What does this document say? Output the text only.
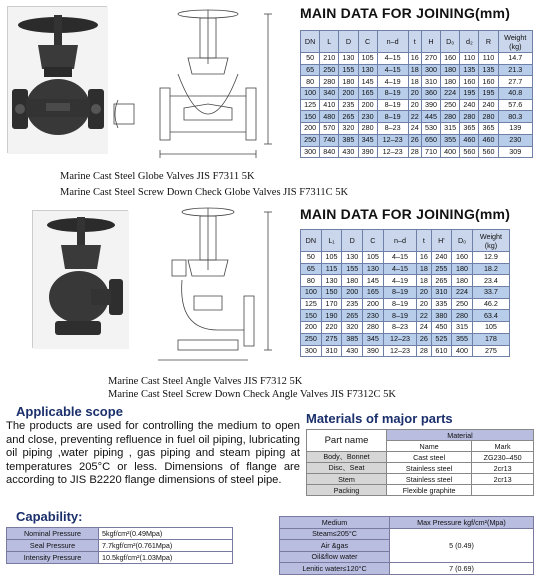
MAIN DATA FOR JOINING(mm)
DN	L	D	C	n–d	t	H	D₀	d₂	R	Weight
(kg)
50	210	130	105	4–15	16	270	160	110	110	14.7
65	250	155	130	4–15	18	300	180	135	135	21.3
80	280	180	145	4–19	18	310	180	160	160	27.7
100	340	200	165	8–19	20	360	224	195	195	40.8
125	410	235	200	8–19	20	390	250	240	240	57.6
150	480	265	230	8–19	22	445	280	280	280	80.3
200	570	320	280	8–23	24	530	315	365	365	139
250	740	385	345	12–23	26	650	355	460	460	230
300	840	430	390	12–23	28	710	400	560	560	309
Marine Cast Steel Globe Valves JIS F7311 5K
Marine Cast Steel Screw Down Check Globe Valves JIS F7311C 5K
MAIN DATA FOR JOINING(mm)
DN	L₁	D	C	n–d	t	H'	D₀	Weight
(kg)
50	105	130	105	4–15	16	240	160	12.9
65	115	155	130	4–15	18	255	180	18.2
80	130	180	145	4–19	18	265	180	23.4
100	150	200	165	8–19	20	310	224	33.7
125	170	235	200	8–19	20	335	250	46.2
150	190	265	230	8–19	22	380	280	63.4
200	220	320	280	8–23	24	450	315	105
250	275	385	345	12–23	26	525	355	178
300	310	430	390	12–23	28	610	400	275
Marine Cast Steel Angle Valves JIS F7312 5K
Marine Cast Steel Screw Down Check Angle Valves JIS F7312C 5K
Applicable scope
The products are used for controlling the medium to open and close, preventing refluence in fuel oil piping, lubricating oil piping ,water piping , gas piping and steam piping at temperatures 205°C or less. Dimensions of flange are according to JIS B2220 flange dimensions of steel pipe.
Materials of major parts
Part name	Material	
	Name	Mark
Body、Bonnet	Cast steel	ZG230–450
Disc、Seat	Stainless steel	2cr13
Stem	Stainless steel	2cr13
Packing	Flexible graphite	
Capability:
Nominal Pressure	5kgf/cm²(0.49Mpa)
Seal Pressure	7.7kgf/cm²(0.761Mpa)
Intensity Pressure	10.5kgf/cm²(1.03Mpa)
Medium	Max Pressure kgf/cm²(Mpa)
Steam≤205°C	5 (0.49)
Air &gas	
Oil&flow water	
Lenitic water≤120°C	7 (0.69)
